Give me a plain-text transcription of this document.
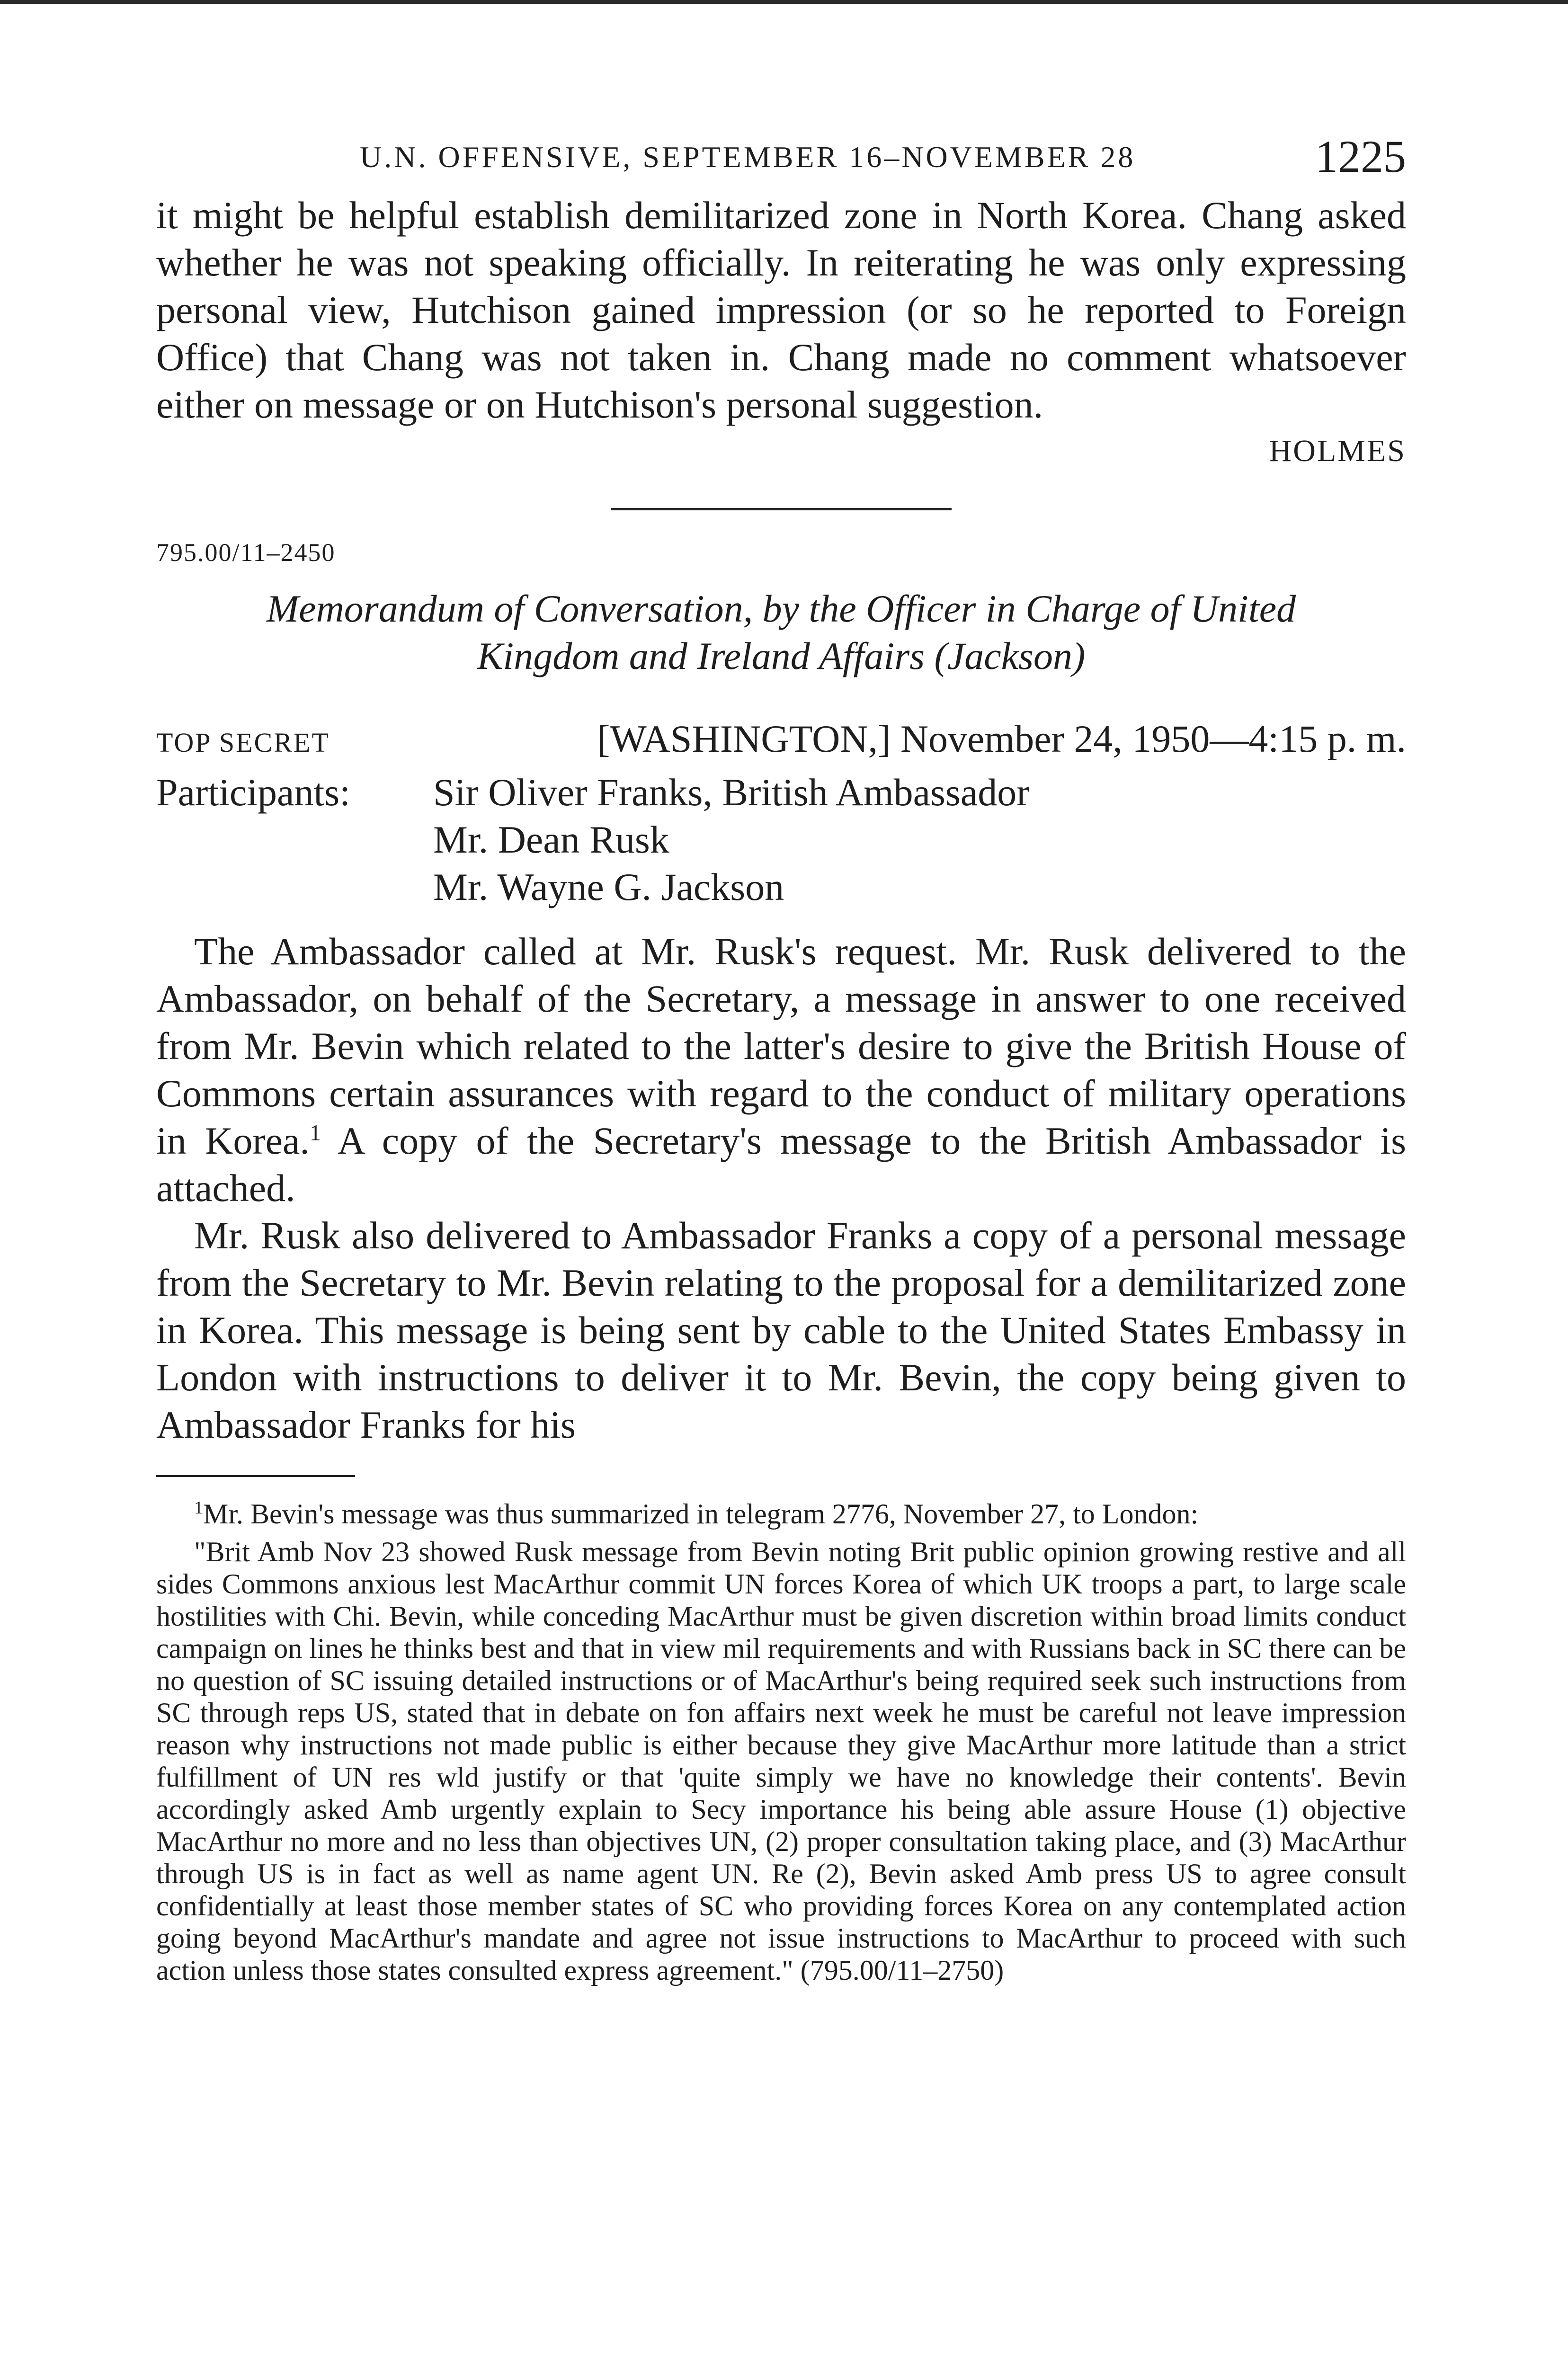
U.N. OFFENSIVE, SEPTEMBER 16–NOVEMBER 28	1225

it might be helpful establish demilitarized zone in North Korea. Chang asked whether he was not speaking officially. In reiterating he was only expressing personal view, Hutchison gained impression (or so he reported to Foreign Office) that Chang was not taken in. Chang made no comment whatsoever either on message or on Hutchison's personal suggestion.

HOLMES

795.00/11–2450
Memorandum of Conversation, by the Officer in Charge of United
Kingdom and Ireland Affairs (Jackson)
TOP SECRET	[WASHINGTON,] November 24, 1950—4:15 p. m.
Participants:	Sir Oliver Franks, British Ambassador
Mr. Dean Rusk
Mr. Wayne G. Jackson

The Ambassador called at Mr. Rusk's request. Mr. Rusk delivered to the Ambassador, on behalf of the Secretary, a message in answer to one received from Mr. Bevin which related to the latter's desire to give the British House of Commons certain assurances with regard to the conduct of military operations in Korea.$^1$ A copy of the Secretary's message to the British Ambassador is attached.

Mr. Rusk also delivered to Ambassador Franks a copy of a personal message from the Secretary to Mr. Bevin relating to the proposal for a demilitarized zone in Korea. This message is being sent by cable to the United States Embassy in London with instructions to deliver it to Mr. Bevin, the copy being given to Ambassador Franks for his

$^1$Mr. Bevin's message was thus summarized in telegram 2776, November 27, to London:

"Brit Amb Nov 23 showed Rusk message from Bevin noting Brit public opinion growing restive and all sides Commons anxious lest MacArthur commit UN forces Korea of which UK troops a part, to large scale hostilities with Chi. Bevin, while conceding MacArthur must be given discretion within broad limits conduct campaign on lines he thinks best and that in view mil requirements and with Russians back in SC there can be no question of SC issuing detailed instructions or of MacArthur's being required seek such instructions from SC through reps US, stated that in debate on fon affairs next week he must be careful not leave impression reason why instructions not made public is either because they give MacArthur more latitude than a strict fulfillment of UN res wld justify or that 'quite simply we have no knowledge their contents'. Bevin accordingly asked Amb urgently explain to Secy importance his being able assure House (1) objective MacArthur no more and no less than objectives UN, (2) proper consultation taking place, and (3) MacArthur through US is in fact as well as name agent UN. Re (2), Bevin asked Amb press US to agree consult confidentially at least those member states of SC who providing forces Korea on any contemplated action going beyond MacArthur's mandate and agree not issue instructions to MacArthur to proceed with such action unless those states consulted express agreement." (795.00/11–2750)
